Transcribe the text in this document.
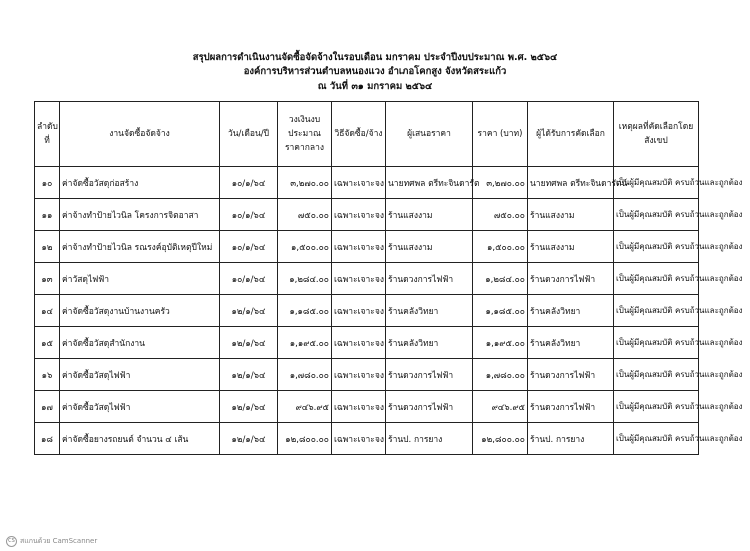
สรุปผลการดำเนินงานจัดซื้อจัดจ้างในรอบเดือน มกราคม ประจำปีงบประมาณ พ.ศ. ๒๕๖๔
องค์การบริหารส่วนตำบลหนองแวง อำเภอโคกสูง จังหวัดสระแก้ว
ณ วันที่ ๓๑ มกราคม ๒๕๖๔
ลำดับที่	งานจัดซื้อจัดจ้าง	วัน/เดือน/ปี	วงเงินงบประมาณราคากลาง	วิธีจัดซื้อ/จ้าง	ผู้เสนอราคา	ราคา (บาท)	ผู้ได้รับการคัดเลือก	เหตุผลที่คัดเลือกโดยสังเขป
๑๐	ค่าจัดซื้อวัสดุก่อสร้าง	๑๐/๑/๖๔	๓,๒๗๐.๐๐	เฉพาะเจาะจง	นายทศพล ตรีทะจินดารัต	๓,๒๗๐.๐๐	นายทศพล ตรีทะจินดารัตน์	เป็นผู้มีคุณสมบัติ ครบถ้วนและถูกต้อง
๑๑	ค่าจ้างทำป้ายไวนิล โครงการจิตอาสา	๑๐/๑/๖๔	๗๕๐.๐๐	เฉพาะเจาะจง	ร้านแสงงาม	๗๕๐.๐๐	ร้านแสงงาม	เป็นผู้มีคุณสมบัติ ครบถ้วนและถูกต้อง
๑๒	ค่าจ้างทำป้ายไวนิล รณรงค์อุบัติเหตุปีใหม่	๑๐/๑/๖๔	๑,๕๐๐.๐๐	เฉพาะเจาะจง	ร้านแสงงาม	๑,๕๐๐.๐๐	ร้านแสงงาม	เป็นผู้มีคุณสมบัติ ครบถ้วนและถูกต้อง
๑๓	ค่าวัสดุไฟฟ้า	๑๐/๑/๖๔	๑,๒๘๔.๐๐	เฉพาะเจาะจง	ร้านดวงการไฟฟ้า	๑,๒๘๔.๐๐	ร้านดวงการไฟฟ้า	เป็นผู้มีคุณสมบัติ ครบถ้วนและถูกต้อง
๑๔	ค่าจัดซื้อวัสดุงานบ้านงานครัว	๑๒/๑/๖๔	๑,๑๘๕.๐๐	เฉพาะเจาะจง	ร้านคลังวิทยา	๑,๑๘๕.๐๐	ร้านคลังวิทยา	เป็นผู้มีคุณสมบัติ ครบถ้วนและถูกต้อง
๑๕	ค่าจัดซื้อวัสดุสำนักงาน	๑๒/๑/๖๔	๑,๑๙๕.๐๐	เฉพาะเจาะจง	ร้านคลังวิทยา	๑,๑๙๕.๐๐	ร้านคลังวิทยา	เป็นผู้มีคุณสมบัติ ครบถ้วนและถูกต้อง
๑๖	ค่าจัดซื้อวัสดุไฟฟ้า	๑๒/๑/๖๔	๑,๗๘๐.๐๐	เฉพาะเจาะจง	ร้านดวงการไฟฟ้า	๑,๗๘๐.๐๐	ร้านดวงการไฟฟ้า	เป็นผู้มีคุณสมบัติ ครบถ้วนและถูกต้อง
๑๗	ค่าจัดซื้อวัสดุไฟฟ้า	๑๒/๑/๖๔	๙๔๖.๙๕	เฉพาะเจาะจง	ร้านดวงการไฟฟ้า	๙๔๖.๙๕	ร้านดวงการไฟฟ้า	เป็นผู้มีคุณสมบัติ ครบถ้วนและถูกต้อง
๑๘	ค่าจัดซื้อยางรถยนต์ จำนวน ๔ เส้น	๑๒/๑/๖๔	๑๒,๘๐๐.๐๐	เฉพาะเจาะจง	ร้านป. การยาง	๑๒,๘๐๐.๐๐	ร้านป. การยาง	เป็นผู้มีคุณสมบัติ ครบถ้วนและถูกต้อง
CS สแกนด้วย CamScanner
